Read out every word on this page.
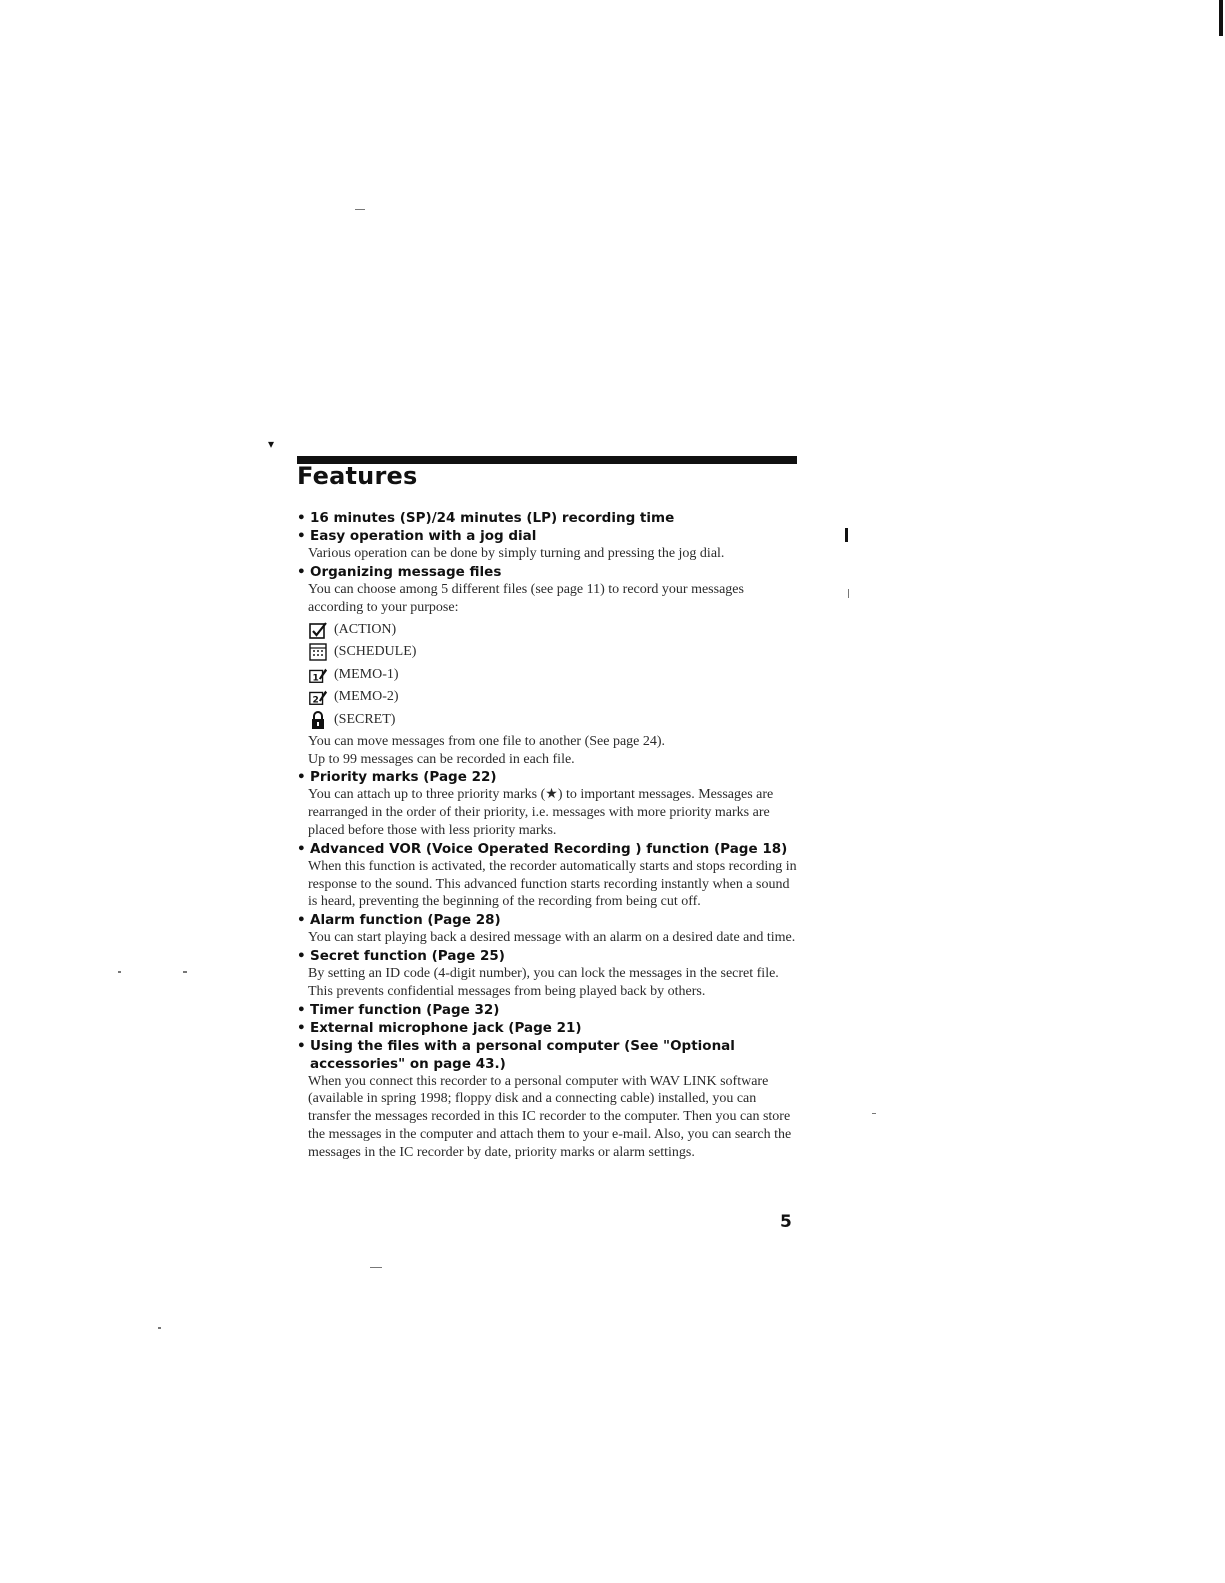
▾
Features
• 16 minutes (SP)/24 minutes (LP) recording time
• Easy operation with a jog dial
Various operation can be done by simply turning and pressing the jog dial.
• Organizing message files
You can choose among 5 different files (see page 11) to record your messages according to your purpose:
(ACTION)
(SCHEDULE)
1 (MEMO-1)
2 (MEMO-2)
(SECRET)
You can move messages from one file to another (See page 24).
Up to 99 messages can be recorded in each file.
• Priority marks (Page 22)
You can attach up to three priority marks (★) to important messages. Messages are rearranged in the order of their priority, i.e. messages with more priority marks are placed before those with less priority marks.
• Advanced VOR (Voice Operated Recording ) function (Page 18)
When this function is activated, the recorder automatically starts and stops recording in response to the sound. This advanced function starts recording instantly when a sound is heard, preventing the beginning of the recording from being cut off.
• Alarm function (Page 28)
You can start playing back a desired message with an alarm on a desired date and time.
• Secret function (Page 25)
By setting an ID code (4-digit number), you can lock the messages in the secret file. This prevents confidential messages from being played back by others.
• Timer function (Page 32)
• External microphone jack (Page 21)
• Using the files with a personal computer (See "Optional accessories" on page 43.)
When you connect this recorder to a personal computer with WAV LINK software (available in spring 1998; floppy disk and a connecting cable) installed, you can transfer the messages recorded in this IC recorder to the computer. Then you can store the messages in the computer and attach them to your e-mail. Also, you can search the messages in the IC recorder by date, priority marks or alarm settings.
5
